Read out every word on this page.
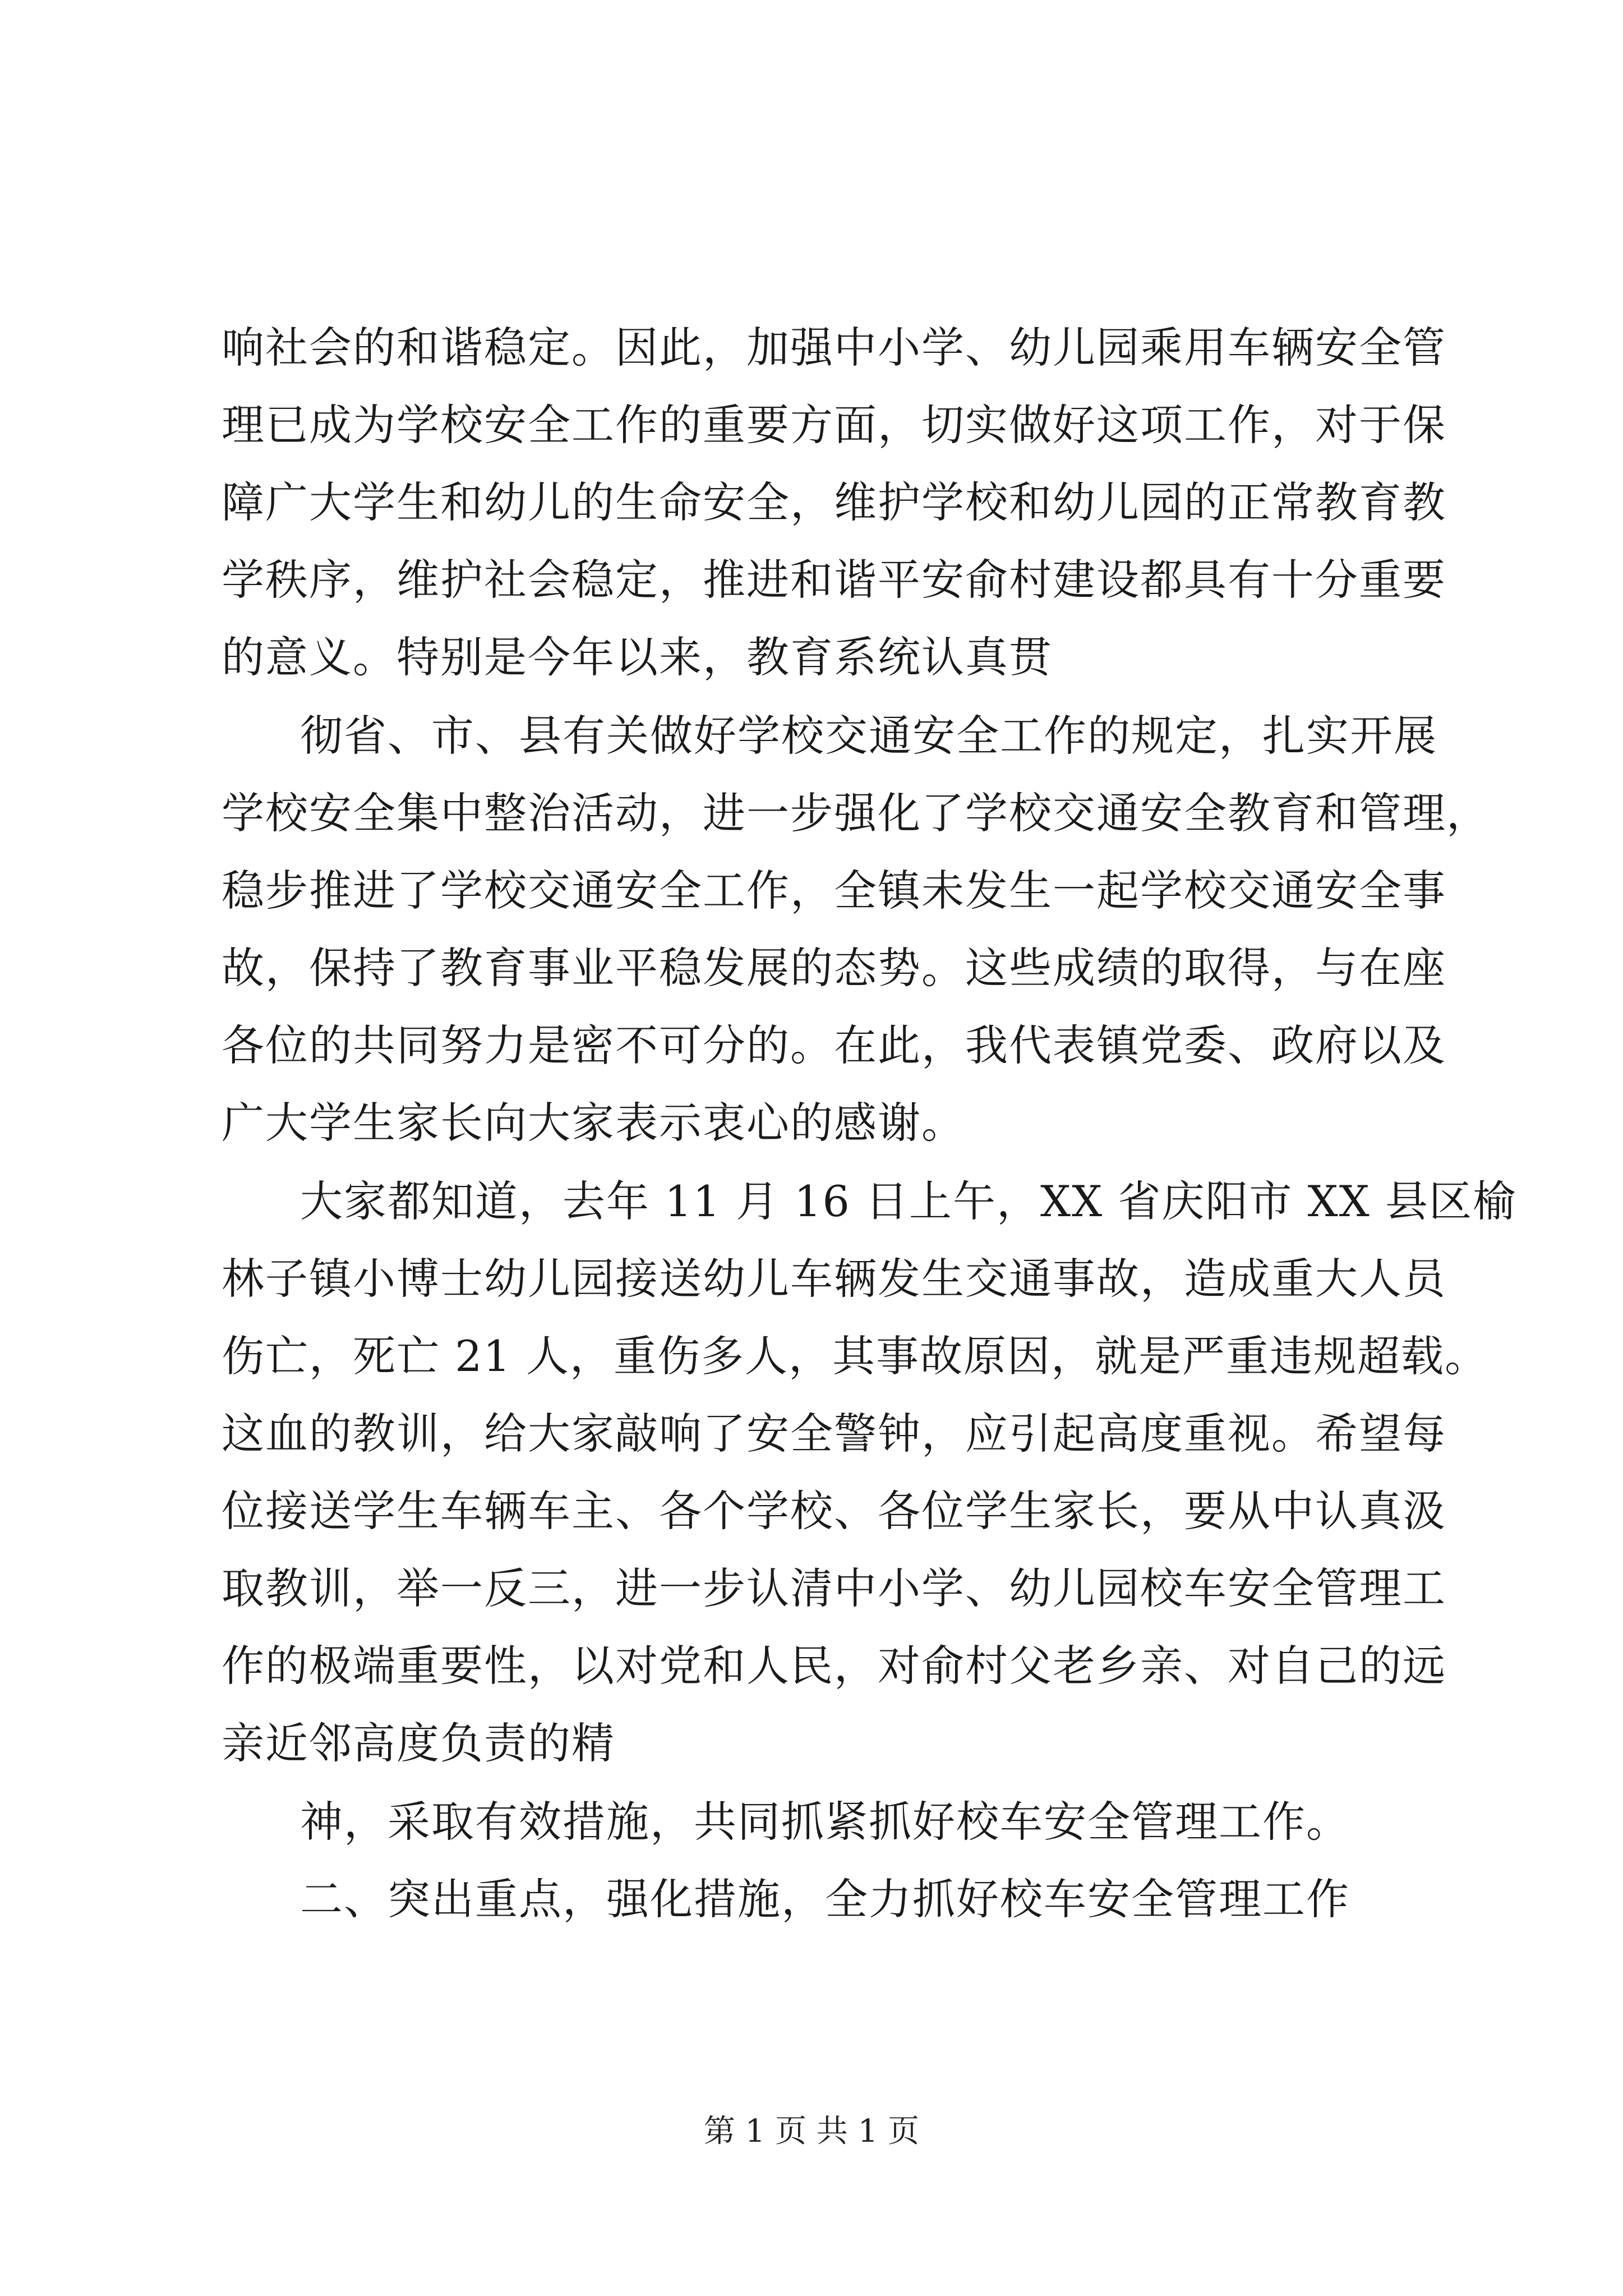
响社会的和谐稳定。因此，加强中小学、幼儿园乘用车辆安全管
理已成为学校安全工作的重要方面，切实做好这项工作，对于保
障广大学生和幼儿的生命安全，维护学校和幼儿园的正常教育教
学秩序，维护社会稳定，推进和谐平安俞村建设都具有十分重要
的意义。特别是今年以来，教育系统认真贯
彻省、市、县有关做好学校交通安全工作的规定，扎实开展
学校安全集中整治活动，进一步强化了学校交通安全教育和管理，
稳步推进了学校交通安全工作，全镇未发生一起学校交通安全事
故，保持了教育事业平稳发展的态势。这些成绩的取得，与在座
各位的共同努力是密不可分的。在此，我代表镇党委、政府以及
广大学生家长向大家表示衷心的感谢。
大家都知道，去年 11 月 16 日上午，XX 省庆阳市 XX 县区榆
林子镇小博士幼儿园接送幼儿车辆发生交通事故，造成重大人员
伤亡，死亡 21 人，重伤多人，其事故原因，就是严重违规超载。
这血的教训，给大家敲响了安全警钟，应引起高度重视。希望每
位接送学生车辆车主、各个学校、各位学生家长，要从中认真汲
取教训，举一反三，进一步认清中小学、幼儿园校车安全管理工
作的极端重要性，以对党和人民，对俞村父老乡亲、对自己的远
亲近邻高度负责的精
神，采取有效措施，共同抓紧抓好校车安全管理工作。
二、突出重点，强化措施，全力抓好校车安全管理工作
第 1 页 共 1 页
